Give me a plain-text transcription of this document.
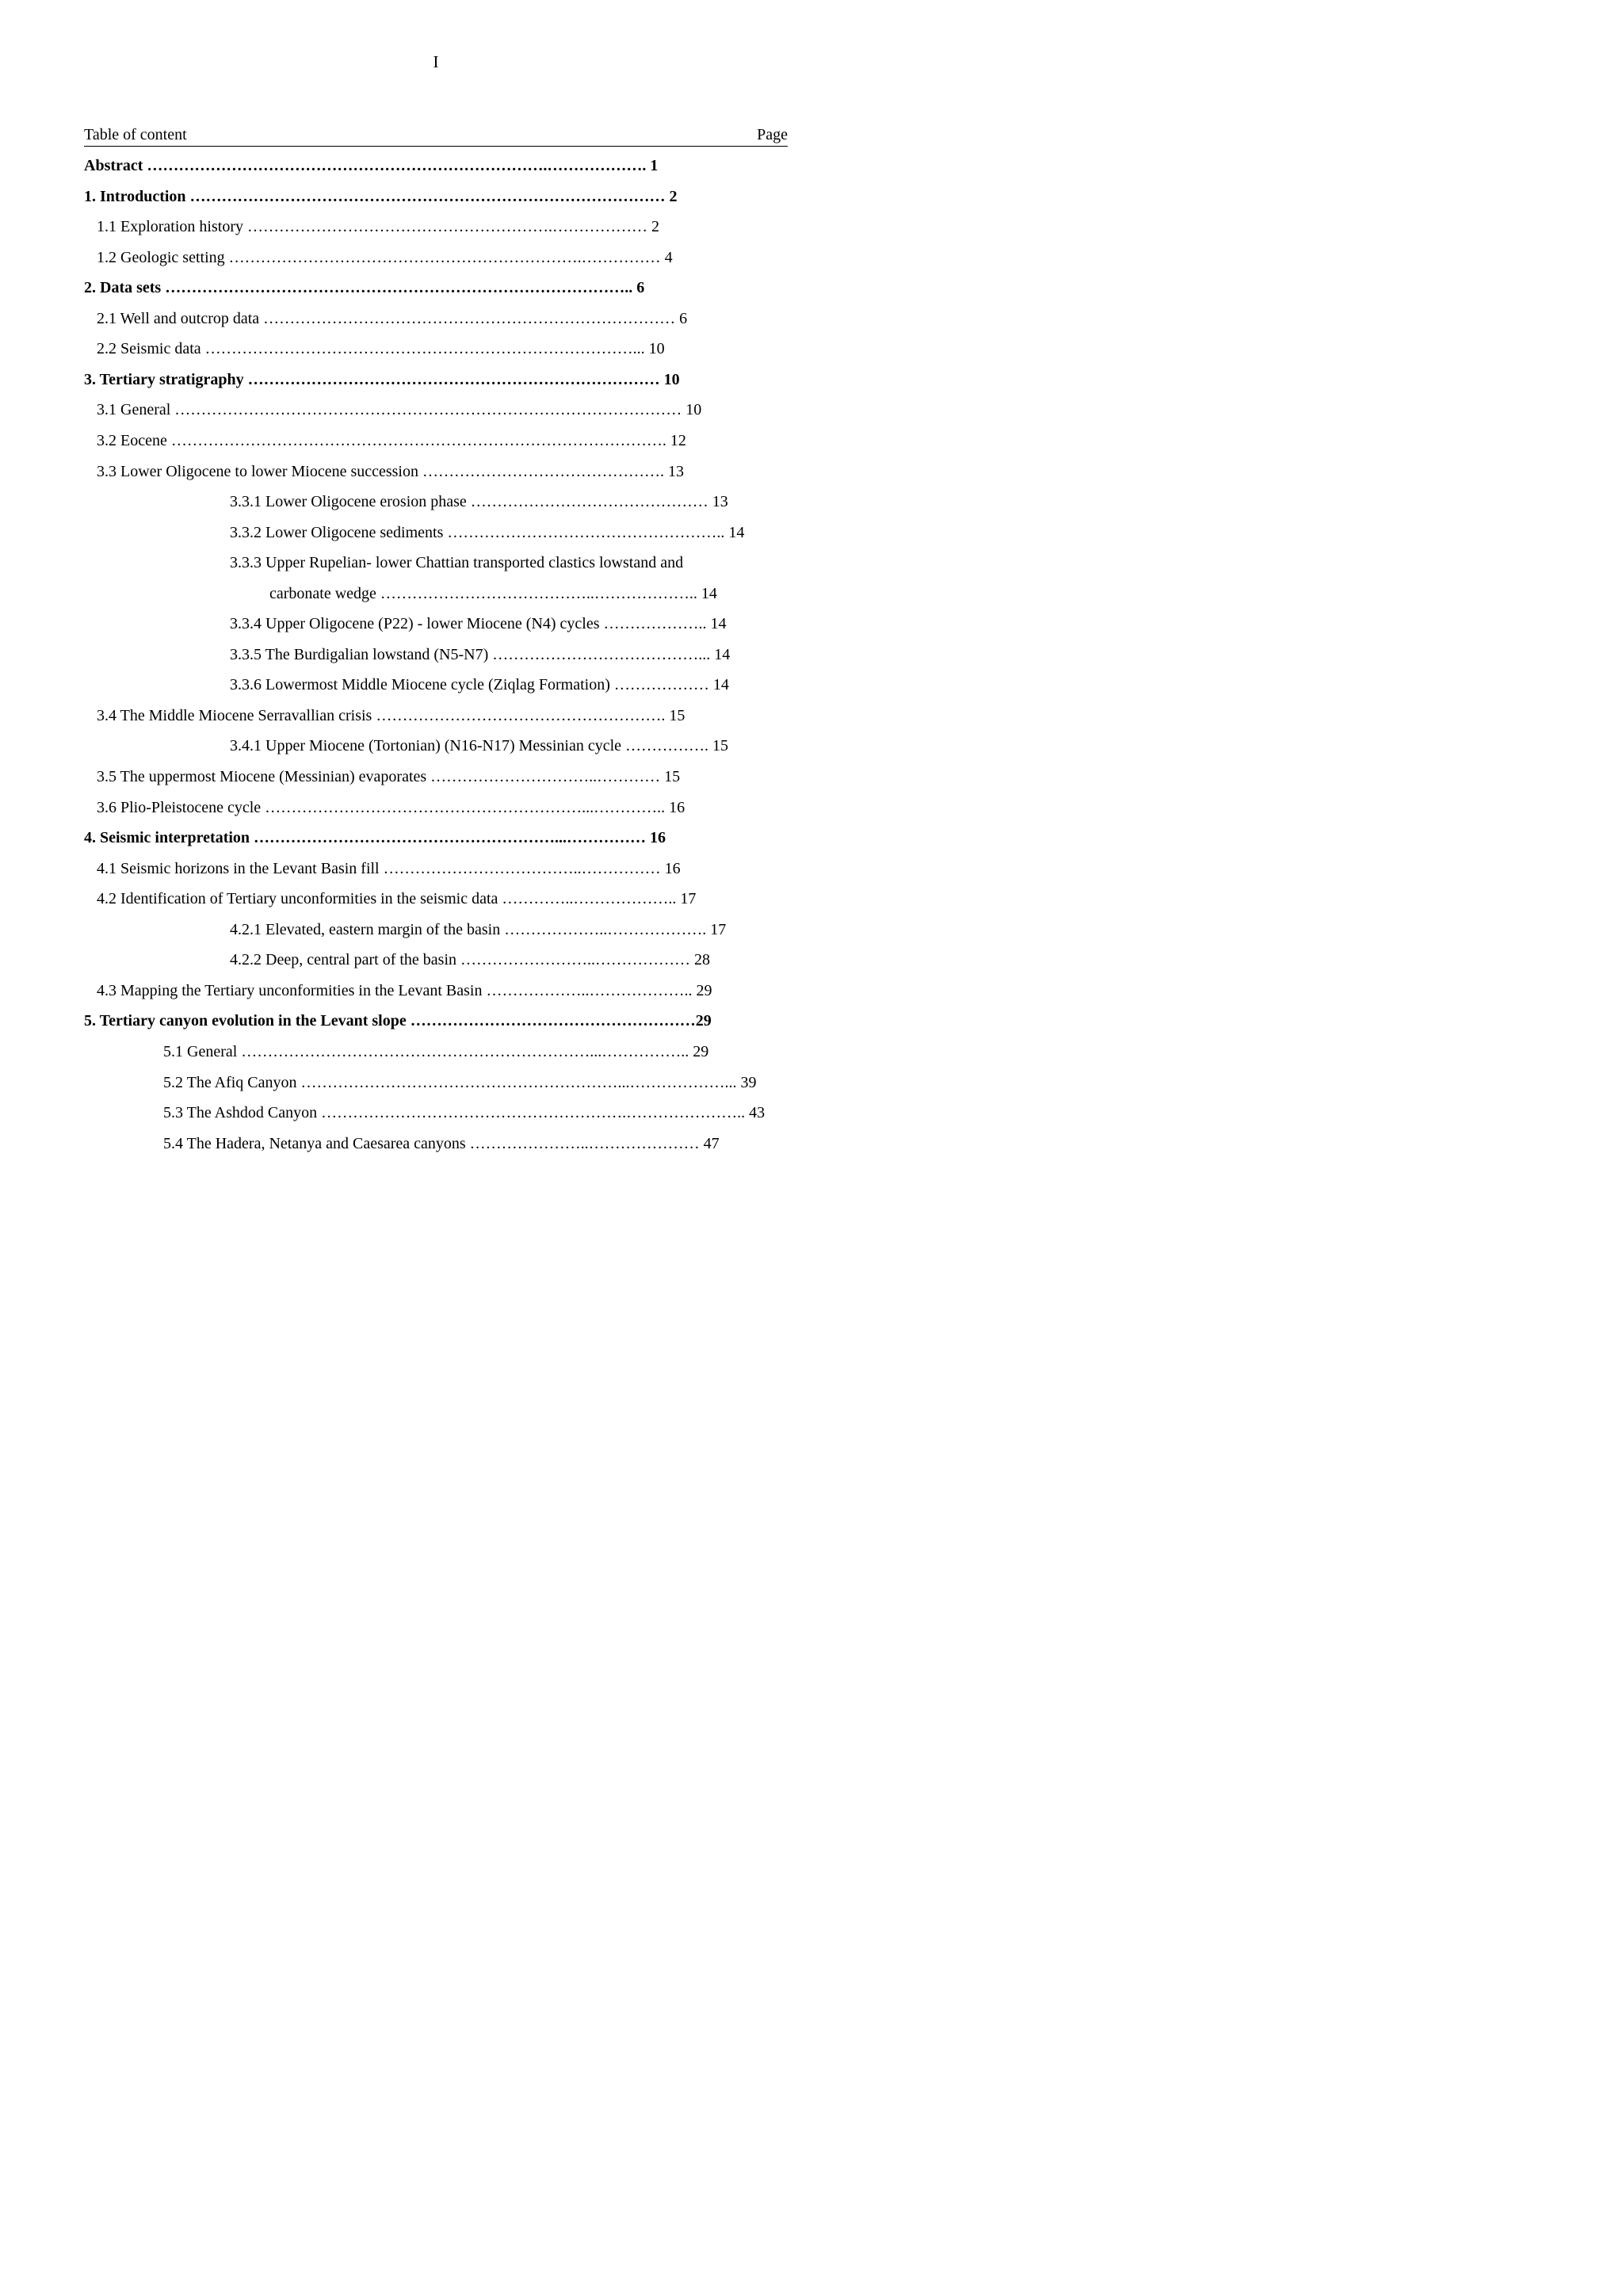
I
Table of content	Page
Abstract ………………………………………………………………….………………. 1
1. Introduction ……………………………………………………………………………… 2
1.1 Exploration history ………………………………………………….……………… 2
1.2 Geologic setting ………………………………………………………….…………… 4
2. Data sets …………………………………………………………………………….. 6
2.1 Well and outcrop data …………………………………………………………………… 6
2.2 Seismic data ………………………………………………………………………... 10
3. Tertiary stratigraphy …………………………………………………………………… 10
3.1 General …………………………………………………………………………………… 10
3.2 Eocene …………………………………………………………………………………. 12
3.3 Lower Oligocene to lower Miocene succession ………………………………………. 13
3.3.1 Lower Oligocene erosion phase ……………………………………… 13
3.3.2 Lower Oligocene sediments …………………………………………….. 14
3.3.3 Upper Rupelian- lower Chattian transported clastics lowstand and
carbonate wedge …………………………………..……………….. 14
3.3.4 Upper Oligocene (P22) - lower Miocene (N4) cycles ……………….. 14
3.3.5 The Burdigalian lowstand (N5-N7) …………………………………... 14
3.3.6 Lowermost Middle Miocene cycle (Ziqlag Formation) ……………… 14
3.4 The Middle Miocene Serravallian crisis ………………………………………………. 15
3.4.1 Upper Miocene (Tortonian) (N16-N17) Messinian cycle ……………. 15
3.5 The uppermost Miocene (Messinian) evaporates …………………………..………… 15
3.6 Plio-Pleistocene cycle ……………………………………………………...………….. 16
4. Seismic interpretation …………………………………………………...…………… 16
4.1 Seismic horizons in the Levant Basin fill ………………………………..…………… 16
4.2 Identification of Tertiary unconformities in the seismic data …………..……………….. 17
4.2.1 Elevated, eastern margin of the basin ………………..………………. 17
4.2.2 Deep, central part of the basin ……………………..……………… 28
4.3 Mapping the Tertiary unconformities in the Levant Basin ………………..……………….. 29
5. Tertiary canyon evolution in the Levant slope ………………………………………………29
5.1 General …………………………………………………………...…………….. 29
5.2 The Afiq Canyon ……………………………………………………...………………... 39
5.3 The Ashdod Canyon ………………………………………………….………………….. 43
5.4 The Hadera, Netanya and Caesarea canyons …………………..………………… 47
